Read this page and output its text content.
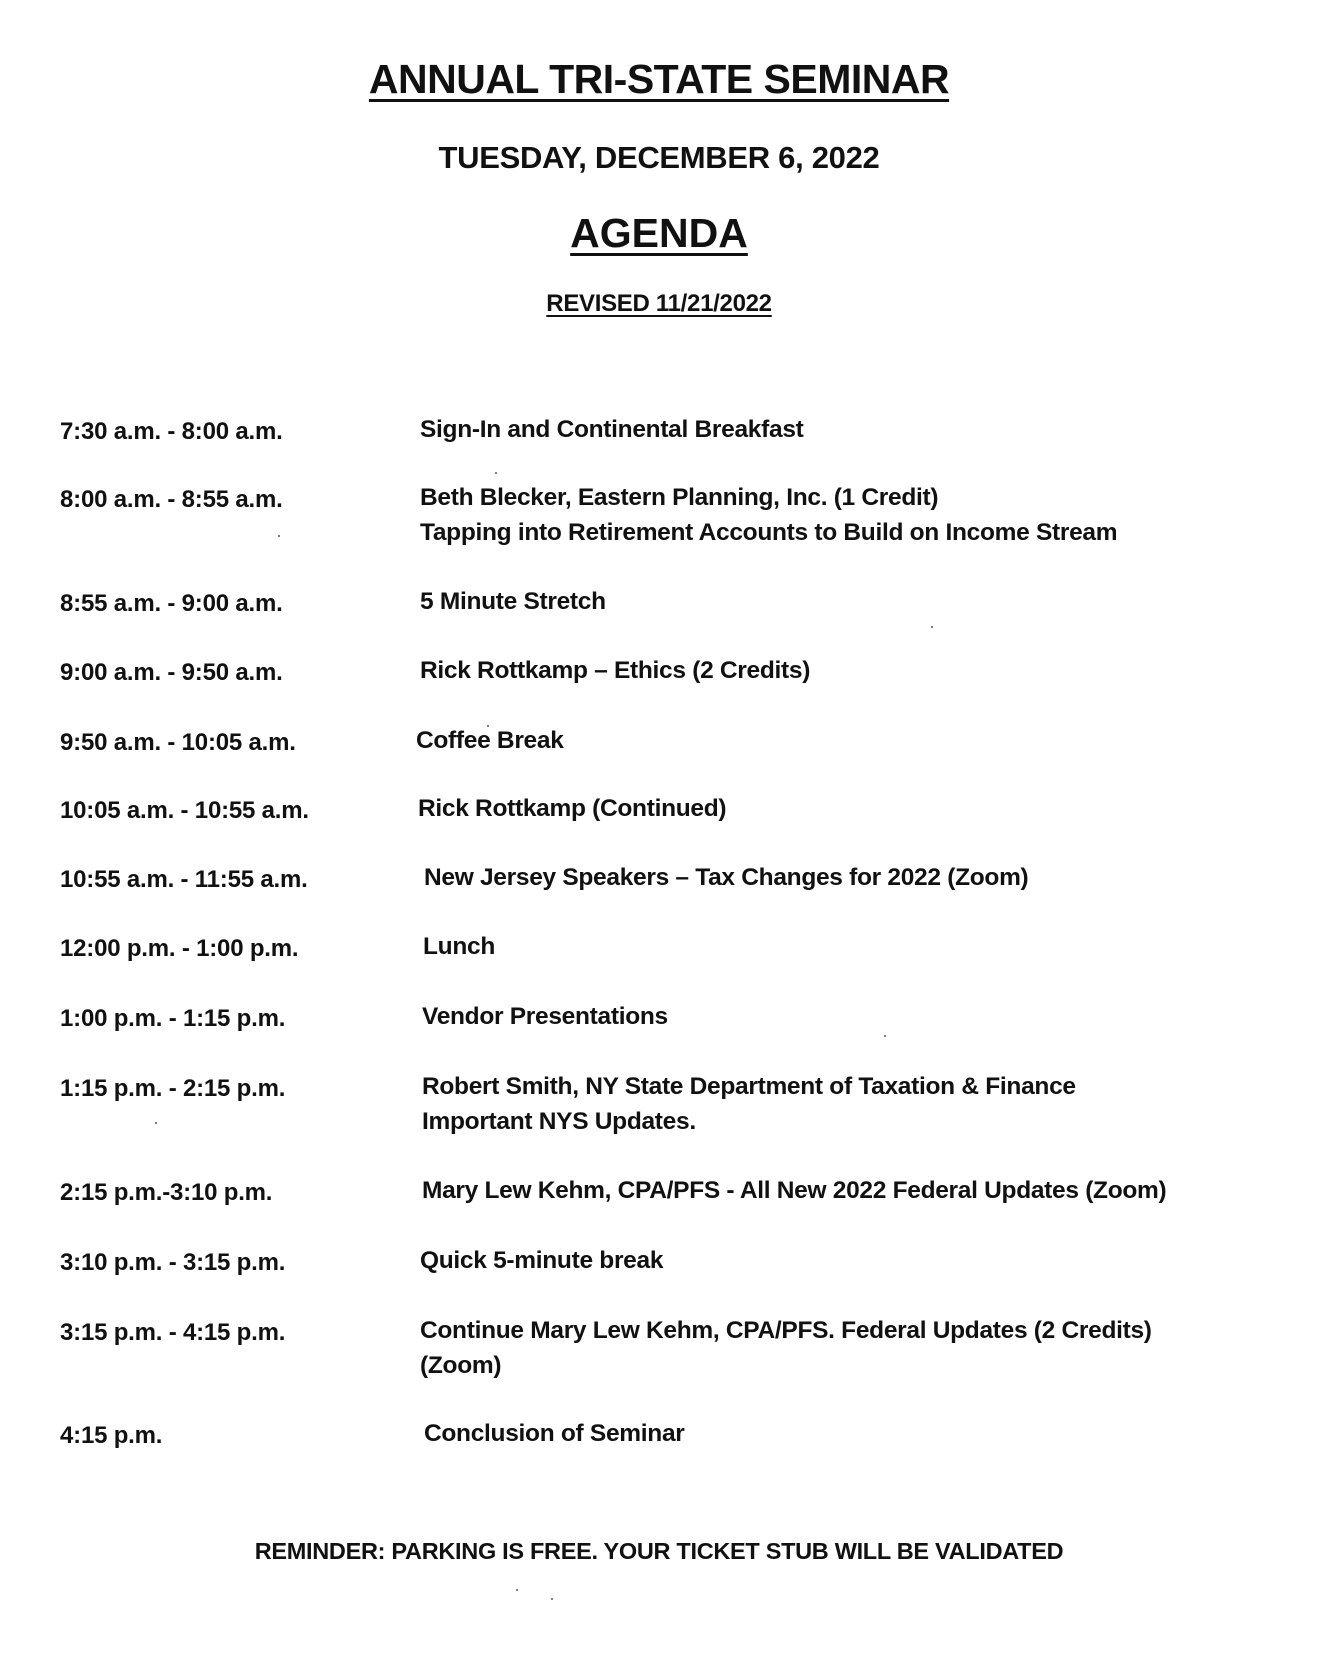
ANNUAL TRI-STATE SEMINAR
TUESDAY, DECEMBER 6, 2022
AGENDA
REVISED 11/21/2022
7:30 a.m. - 8:00 a.m.	Sign-In and Continental Breakfast
8:00 a.m. - 8:55 a.m.	Beth Blecker, Eastern Planning, Inc. (1 Credit)
Tapping into Retirement Accounts to Build on Income Stream
8:55 a.m. - 9:00 a.m.	5 Minute Stretch
9:00 a.m. - 9:50 a.m.	Rick Rottkamp – Ethics (2 Credits)
9:50 a.m. - 10:05 a.m.	Coffee Break
10:05 a.m. - 10:55 a.m.	Rick Rottkamp (Continued)
10:55 a.m. - 11:55 a.m.	New Jersey Speakers – Tax Changes for 2022 (Zoom)
12:00 p.m. - 1:00 p.m.	Lunch
1:00 p.m. - 1:15 p.m.	Vendor Presentations
1:15 p.m. - 2:15 p.m.	Robert Smith, NY State Department of Taxation & Finance
Important NYS Updates.
2:15 p.m.-3:10 p.m.	Mary Lew Kehm, CPA/PFS - All New 2022 Federal Updates (Zoom)
3:10 p.m. - 3:15 p.m.	Quick 5-minute break
3:15 p.m. - 4:15 p.m.	Continue Mary Lew Kehm, CPA/PFS. Federal Updates (2 Credits)
(Zoom)
4:15 p.m.	Conclusion of Seminar
REMINDER: PARKING IS FREE. YOUR TICKET STUB WILL BE VALIDATED
